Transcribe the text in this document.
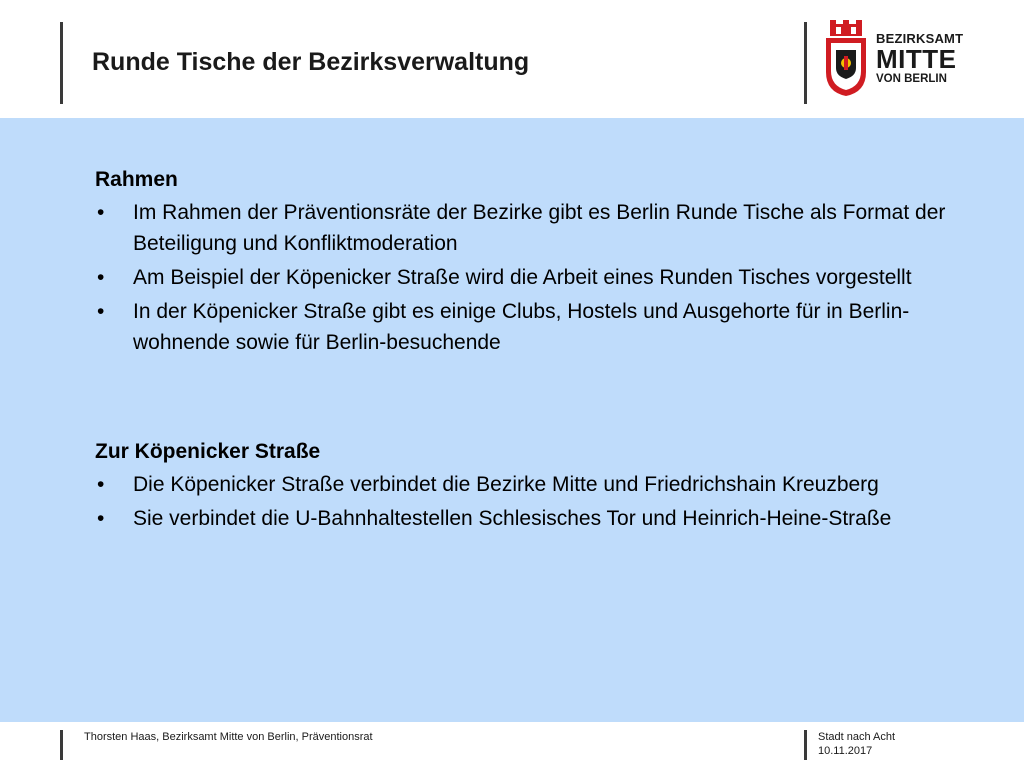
Runde Tische der Bezirksverwaltung
BEZIRKSAMT
MITTE
VON BERLIN
Rahmen
• Im Rahmen der Präventionsräte der Bezirke gibt es Berlin Runde Tische als Format der Beteiligung und Konfliktmoderation
• Am Beispiel der Köpenicker Straße wird die Arbeit eines Runden Tisches vorgestellt
• In der Köpenicker Straße gibt es einige Clubs, Hostels und Ausgehorte für in Berlin-wohnende sowie für Berlin-besuchende
Zur Köpenicker Straße
• Die Köpenicker Straße verbindet die Bezirke Mitte und Friedrichshain Kreuzberg
• Sie verbindet die U-Bahnhaltestellen Schlesisches Tor und Heinrich-Heine-Straße
Thorsten Haas, Bezirksamt Mitte von Berlin, Präventionsrat	Stadt nach Acht
10.11.2017
